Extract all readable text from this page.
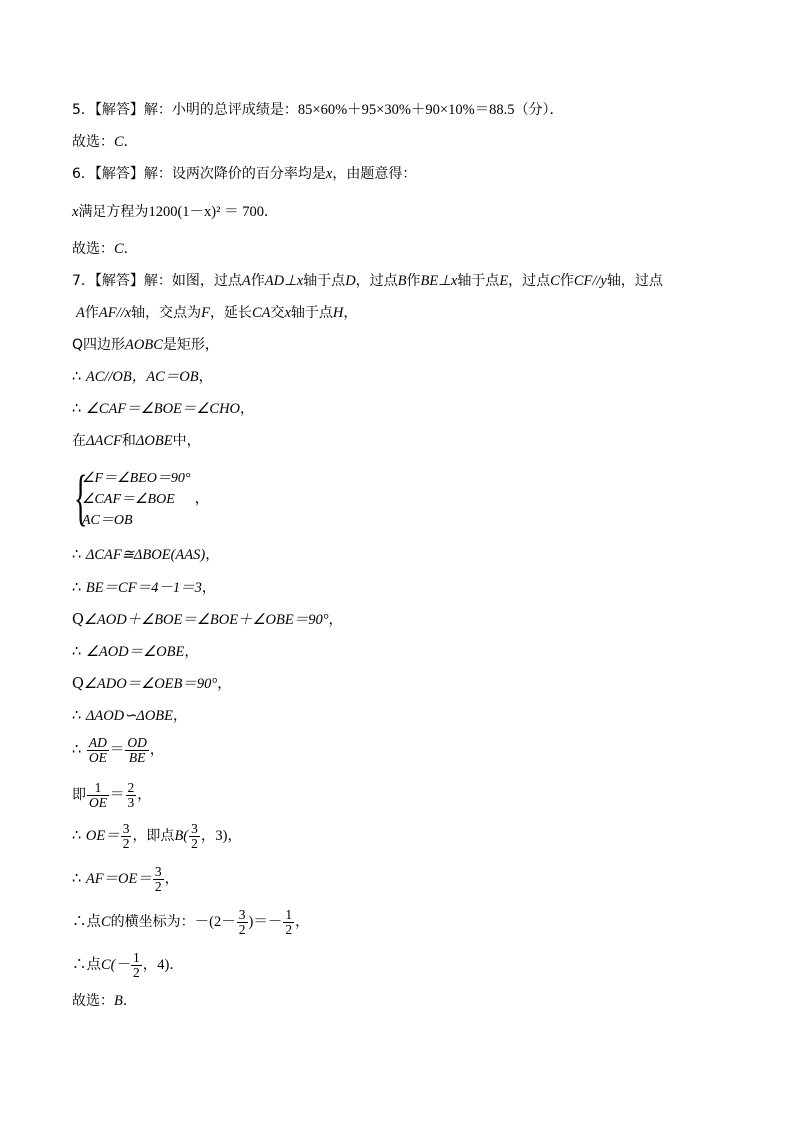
5．【解答】解：小明的总评成绩是：85×60%＋95×30%＋90×10%＝88.5（分）．
故选：C．
6．【解答】解：设两次降价的百分率均是x，由题意得：
x满足方程为1200(1－x)² ＝ 700．
故选：C．
7．【解答】解：如图，过点A作AD⊥x轴于点D，过点B作BE⊥x轴于点E，过点C作CF//y轴，过点
A作AF//x轴，交点为F，延长CA交x轴于点H，
Q四边形AOBC是矩形，
∴ AC//OB，AC＝OB，
∴ ∠CAF＝∠BOE＝∠CHO，
在ΔACF和ΔOBE中，
{
∠F＝∠BEO＝90°
∠CAF＝∠BOE ，
AC＝OB
∴ ΔCAF≅ΔBOE(AAS)，
∴ BE＝CF＝4－1＝3，
Q∠AOD＋∠BOE＝∠BOE＋∠OBE＝90°，
∴ ∠AOD＝∠OBE，
Q∠ADO＝∠OEB＝90°，
∴ ΔAOD∽ΔOBE，
∴ $\frac{AD}{OE} = \frac{OD}{BE}$ ，
即 $\frac{1}{OE} = \frac{2}{3}$ ，
∴ $OE= \frac{3}{2}$ ，即点$B( \frac{3}{2}$ ，3)，
∴ $AF=OE= \frac{3}{2}$ ，
∴点C的横坐标为：$-(2- \frac{3}{2}$ )＝－ $\frac{1}{2}$ ，
∴点$C(- \frac{1}{2}$ ，4)．
故选：B．
